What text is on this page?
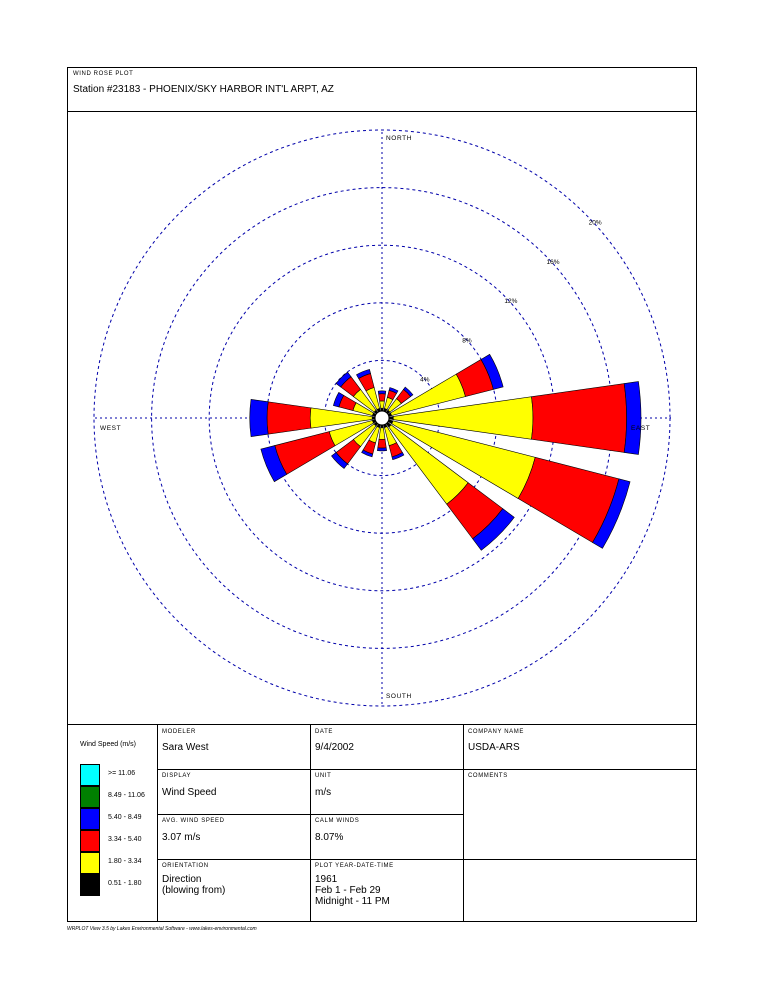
WIND ROSE PLOT
Station #23183 - PHOENIX/SKY HARBOR INT'L ARPT, AZ
NORTH
SOUTH
EAST
WEST
4%
8%
12%
16%
20%
Wind Speed (m/s)
>= 11.06
8.49 - 11.06
5.40 - 8.49
3.34 - 5.40
1.80 - 3.34
0.51 - 1.80
MODELER
Sara West
DATE
9/4/2002
COMPANY NAME
USDA-ARS
DISPLAY
Wind Speed
UNIT
m/s
COMMENTS
AVG. WIND SPEED
3.07 m/s
CALM WINDS
8.07%
ORIENTATION
Direction
(blowing from)
PLOT YEAR-DATE-TIME
1961
Feb 1 - Feb 29
Midnight - 11 PM
WRPLOT View 3.5 by Lakes Environmental Software - www.lakes-environmental.com
